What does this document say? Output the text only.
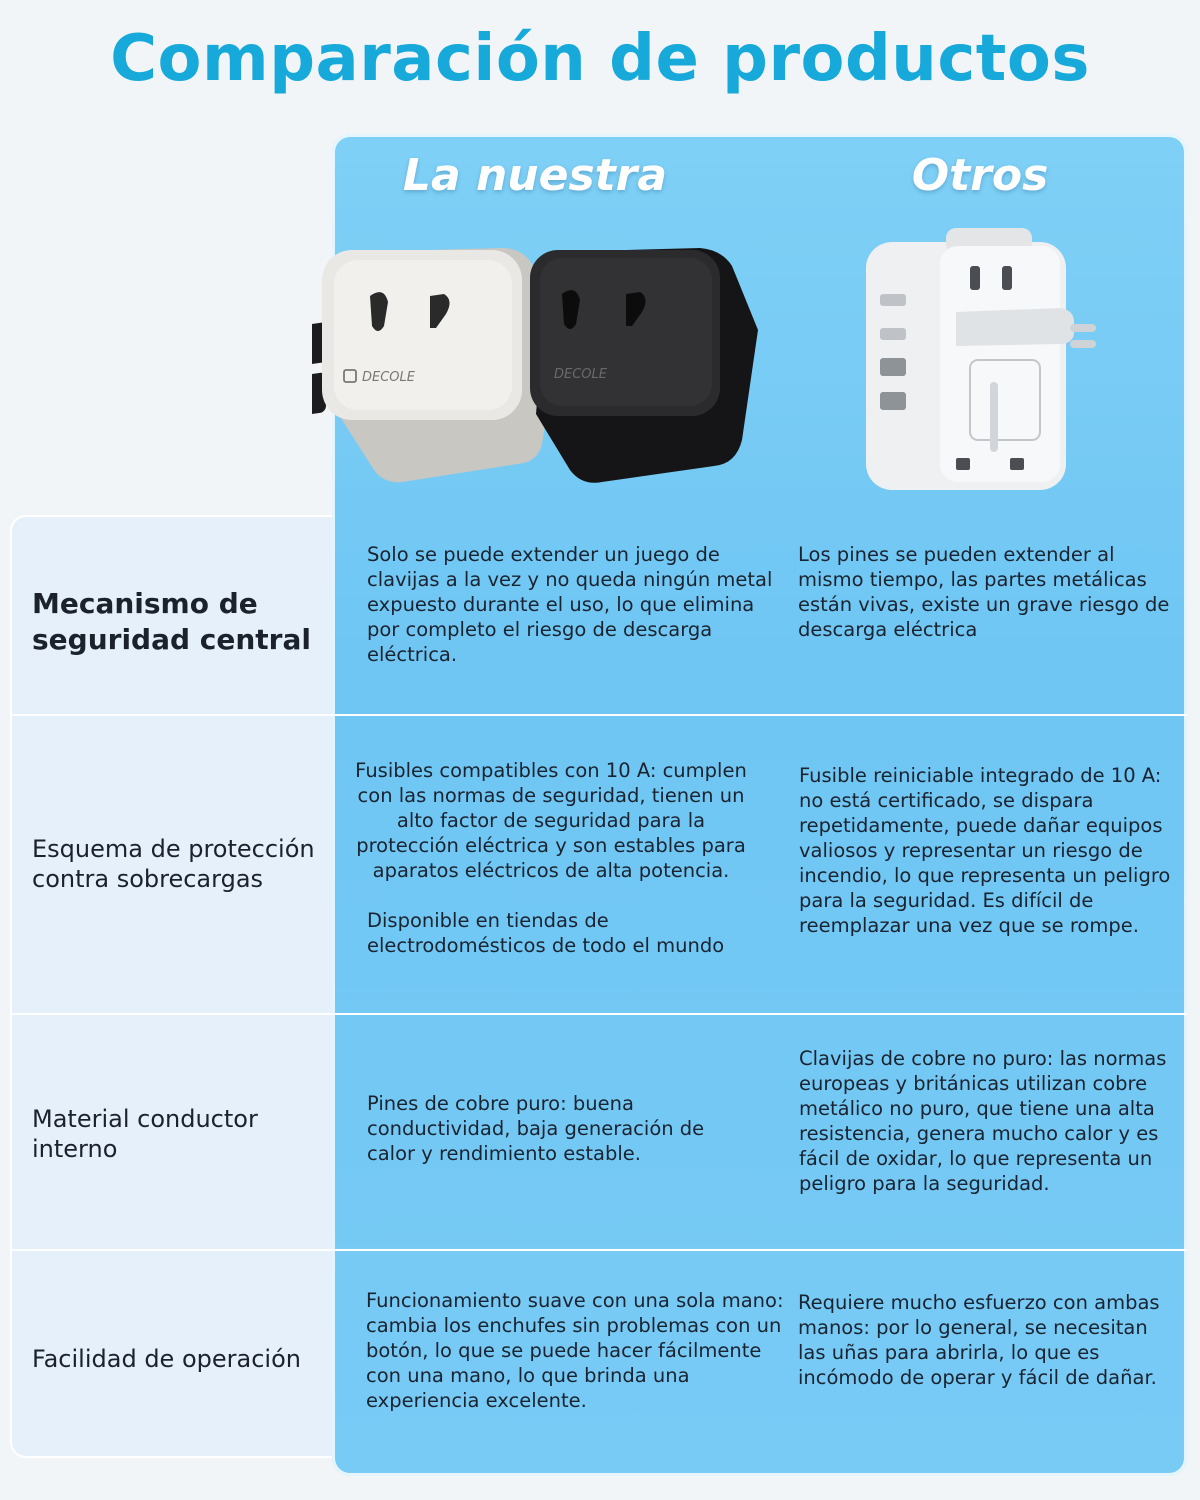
Comparación de productos
La nuestra	Otros
DECOLE	DECOLE
Mecanismo de seguridad central
Solo se puede extender un juego de clavijas a la vez y no queda ningún metal expuesto durante el uso, lo que elimina por completo el riesgo de descarga eléctrica.
Los pines se pueden extender al mismo tiempo, las partes metálicas están vivas, existe un grave riesgo de descarga eléctrica
Esquema de protección contra sobrecargas
Fusibles compatibles con 10 A: cumplen con las normas de seguridad, tienen un alto factor de seguridad para la protección eléctrica y son estables para aparatos eléctricos de alta potencia.
Disponible en tiendas de electrodomésticos de todo el mundo
Fusible reiniciable integrado de 10 A: no está certificado, se dispara repetidamente, puede dañar equipos valiosos y representar un riesgo de incendio, lo que representa un peligro para la seguridad. Es difícil de reemplazar una vez que se rompe.
Material conductor interno
Pines de cobre puro: buena conductividad, baja generación de calor y rendimiento estable.
Clavijas de cobre no puro: las normas europeas y británicas utilizan cobre metálico no puro, que tiene una alta resistencia, genera mucho calor y es fácil de oxidar, lo que representa un peligro para la seguridad.
Facilidad de operación
Funcionamiento suave con una sola mano: cambia los enchufes sin problemas con un botón, lo que se puede hacer fácilmente con una mano, lo que brinda una experiencia excelente.
Requiere mucho esfuerzo con ambas manos: por lo general, se necesitan las uñas para abrirla, lo que es incómodo de operar y fácil de dañar.
